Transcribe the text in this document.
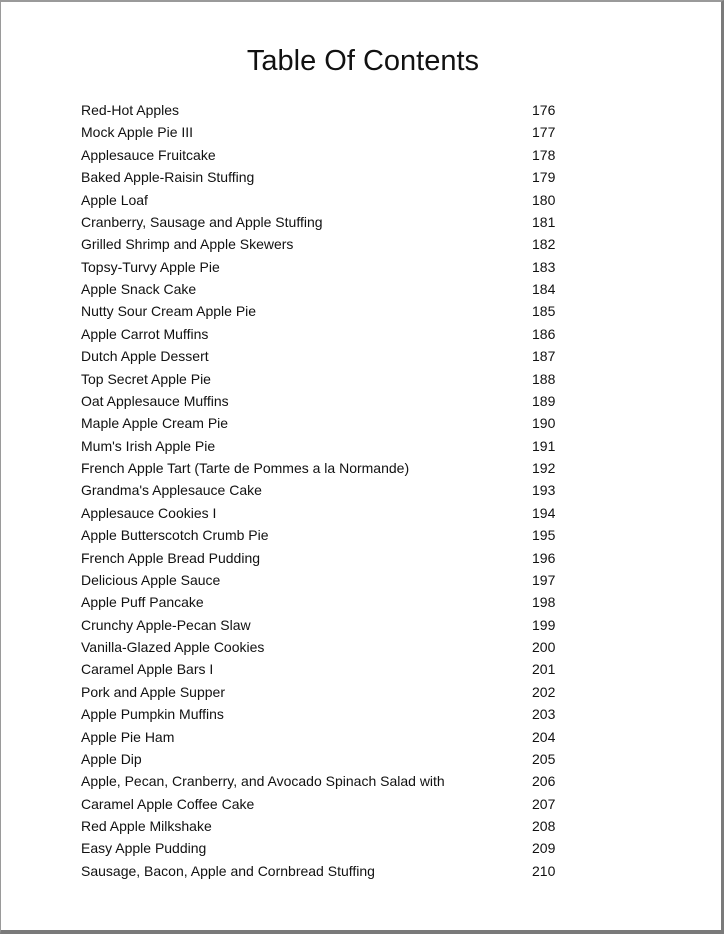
Table Of Contents
Red-Hot Apples	176
Mock Apple Pie III	177
Applesauce Fruitcake	178
Baked Apple-Raisin Stuffing	179
Apple Loaf	180
Cranberry, Sausage and Apple Stuffing	181
Grilled Shrimp and Apple Skewers	182
Topsy-Turvy Apple Pie	183
Apple Snack Cake	184
Nutty Sour Cream Apple Pie	185
Apple Carrot Muffins	186
Dutch Apple Dessert	187
Top Secret Apple Pie	188
Oat Applesauce Muffins	189
Maple Apple Cream Pie	190
Mum's Irish Apple Pie	191
French Apple Tart (Tarte de Pommes a la Normande)	192
Grandma's Applesauce Cake	193
Applesauce Cookies I	194
Apple Butterscotch Crumb Pie	195
French Apple Bread Pudding	196
Delicious Apple Sauce	197
Apple Puff Pancake	198
Crunchy Apple-Pecan Slaw	199
Vanilla-Glazed Apple Cookies	200
Caramel Apple Bars I	201
Pork and Apple Supper	202
Apple Pumpkin Muffins	203
Apple Pie Ham	204
Apple Dip	205
Apple, Pecan, Cranberry, and Avocado Spinach Salad with	206
Caramel Apple Coffee Cake	207
Red Apple Milkshake	208
Easy Apple Pudding	209
Sausage, Bacon, Apple and Cornbread Stuffing	210
